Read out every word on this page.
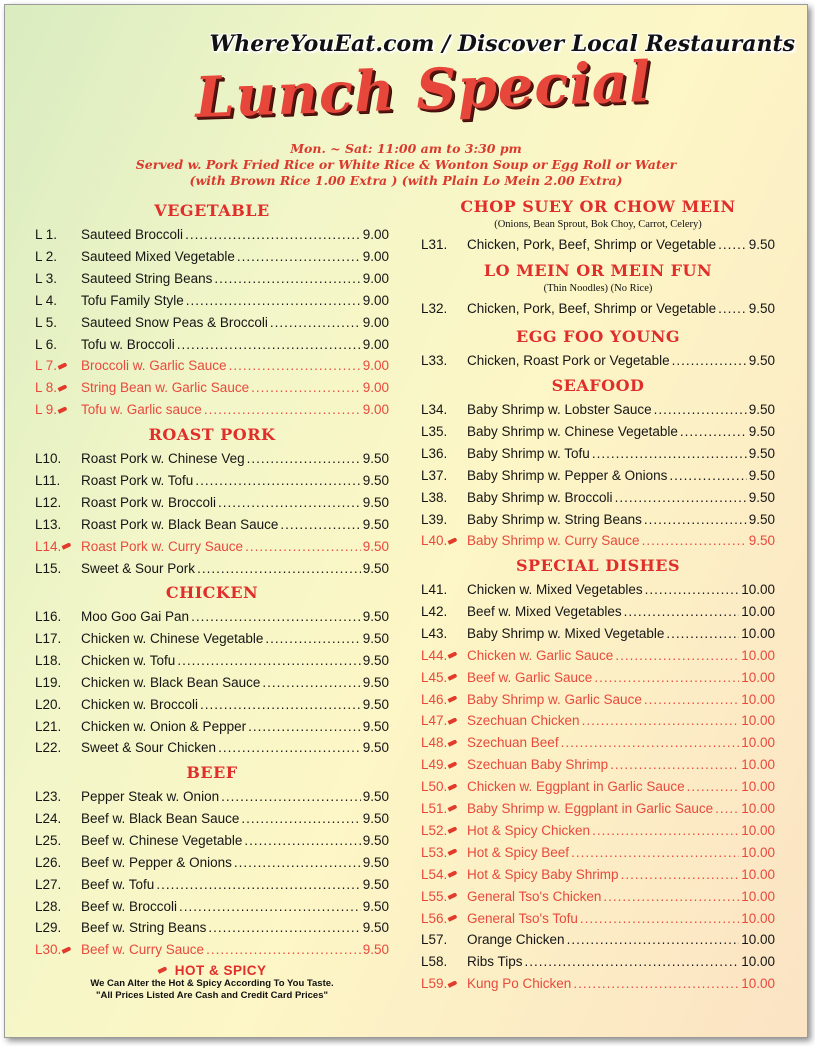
WhereYouEat.com / Discover Local Restaurants
Lunch Special
Mon. ~ Sat: 11:00 am to 3:30 pm
Served w. Pork Fried Rice or White Rice & Wonton Soup or Egg Roll or Water
(with Brown Rice 1.00 Extra ) (with Plain Lo Mein 2.00 Extra)
VEGETABLE
L 1.	Sauteed Broccoli .....	9.00
L 2.	Sauteed Mixed Vegetable .....	9.00
L 3.	Sauteed String Beans .....	9.00
L 4.	Tofu Family Style .....	9.00
L 5.	Sauteed Snow Peas & Broccoli .....	9.00
L 6.	Tofu w. Broccoli .....	9.00
L 7.	Broccoli w. Garlic Sauce .....	9.00
L 8.	String Bean w. Garlic Sauce .....	9.00
L 9.	Tofu w. Garlic sauce .....	9.00
ROAST PORK
L10.	Roast Pork w. Chinese Veg .....	9.50
L11.	Roast Pork w. Tofu .....	9.50
L12.	Roast Pork w. Broccoli .....	9.50
L13.	Roast Pork w. Black Bean Sauce .....	9.50
L14.	Roast Pork w. Curry Sauce .....	9.50
L15.	Sweet & Sour Pork .....	9.50
CHICKEN
L16.	Moo Goo Gai Pan .....	9.50
L17.	Chicken w. Chinese Vegetable .....	9.50
L18.	Chicken w. Tofu .....	9.50
L19.	Chicken w. Black Bean Sauce .....	9.50
L20.	Chicken w. Broccoli .....	9.50
L21.	Chicken w. Onion & Pepper .....	9.50
L22.	Sweet & Sour Chicken .....	9.50
BEEF
L23.	Pepper Steak w. Onion .....	9.50
L24.	Beef w. Black Bean Sauce .....	9.50
L25.	Beef w. Chinese Vegetable .....	9.50
L26.	Beef w. Pepper & Onions .....	9.50
L27.	Beef w. Tofu .....	9.50
L28.	Beef w. Broccoli .....	9.50
L29.	Beef w. String Beans .....	9.50
L30.	Beef w. Curry Sauce .....	9.50
CHOP SUEY OR CHOW MEIN
(Onions, Bean Sprout, Bok Choy, Carrot, Celery)
L31.	Chicken, Pork, Beef, Shrimp or Vegetable ..... 9.50
LO MEIN OR MEIN FUN
(Thin Noodles) (No Rice)
L32.	Chicken, Pork, Beef, Shrimp or Vegetable ..... 9.50
EGG FOO YOUNG
L33.	Chicken, Roast Pork or Vegetable .....	9.50
SEAFOOD
L34.	Baby Shrimp w. Lobster Sauce .....	9.50
L35.	Baby Shrimp w. Chinese Vegetable .....	9.50
L36.	Baby Shrimp w. Tofu .....	9.50
L37.	Baby Shrimp w. Pepper & Onions .....	9.50
L38.	Baby Shrimp w. Broccoli .....	9.50
L39.	Baby Shrimp w. String Beans .....	9.50
L40.	Baby Shrimp w. Curry Sauce .....	9.50
SPECIAL DISHES
L41.	Chicken w. Mixed Vegetables .....	10.00
L42.	Beef w. Mixed Vegetables .....	10.00
L43.	Baby Shrimp w. Mixed Vegetable .....	10.00
L44.	Chicken w. Garlic Sauce .....	10.00
L45.	Beef w. Garlic Sauce .....	10.00
L46.	Baby Shrimp w. Garlic Sauce .....	10.00
L47.	Szechuan Chicken .....	10.00
L48.	Szechuan Beef .....	10.00
L49.	Szechuan Baby Shrimp .....	10.00
L50.	Chicken w. Eggplant in Garlic Sauce .....	10.00
L51.	Baby Shrimp w. Eggplant in Garlic Sauce ..... 10.00
L52.	Hot & Spicy Chicken .....	10.00
L53.	Hot & Spicy Beef .....	10.00
L54.	Hot & Spicy Baby Shrimp .....	10.00
L55.	General Tso's Chicken .....	10.00
L56.	General Tso's Tofu .....	10.00
L57.	Orange Chicken .....	10.00
L58.	Ribs Tips .....	10.00
L59.	Kung Po Chicken .....	10.00
HOT & SPICY
We Can Alter the Hot & Spicy According To You Taste.
"All Prices Listed Are Cash and Credit Card Prices"
